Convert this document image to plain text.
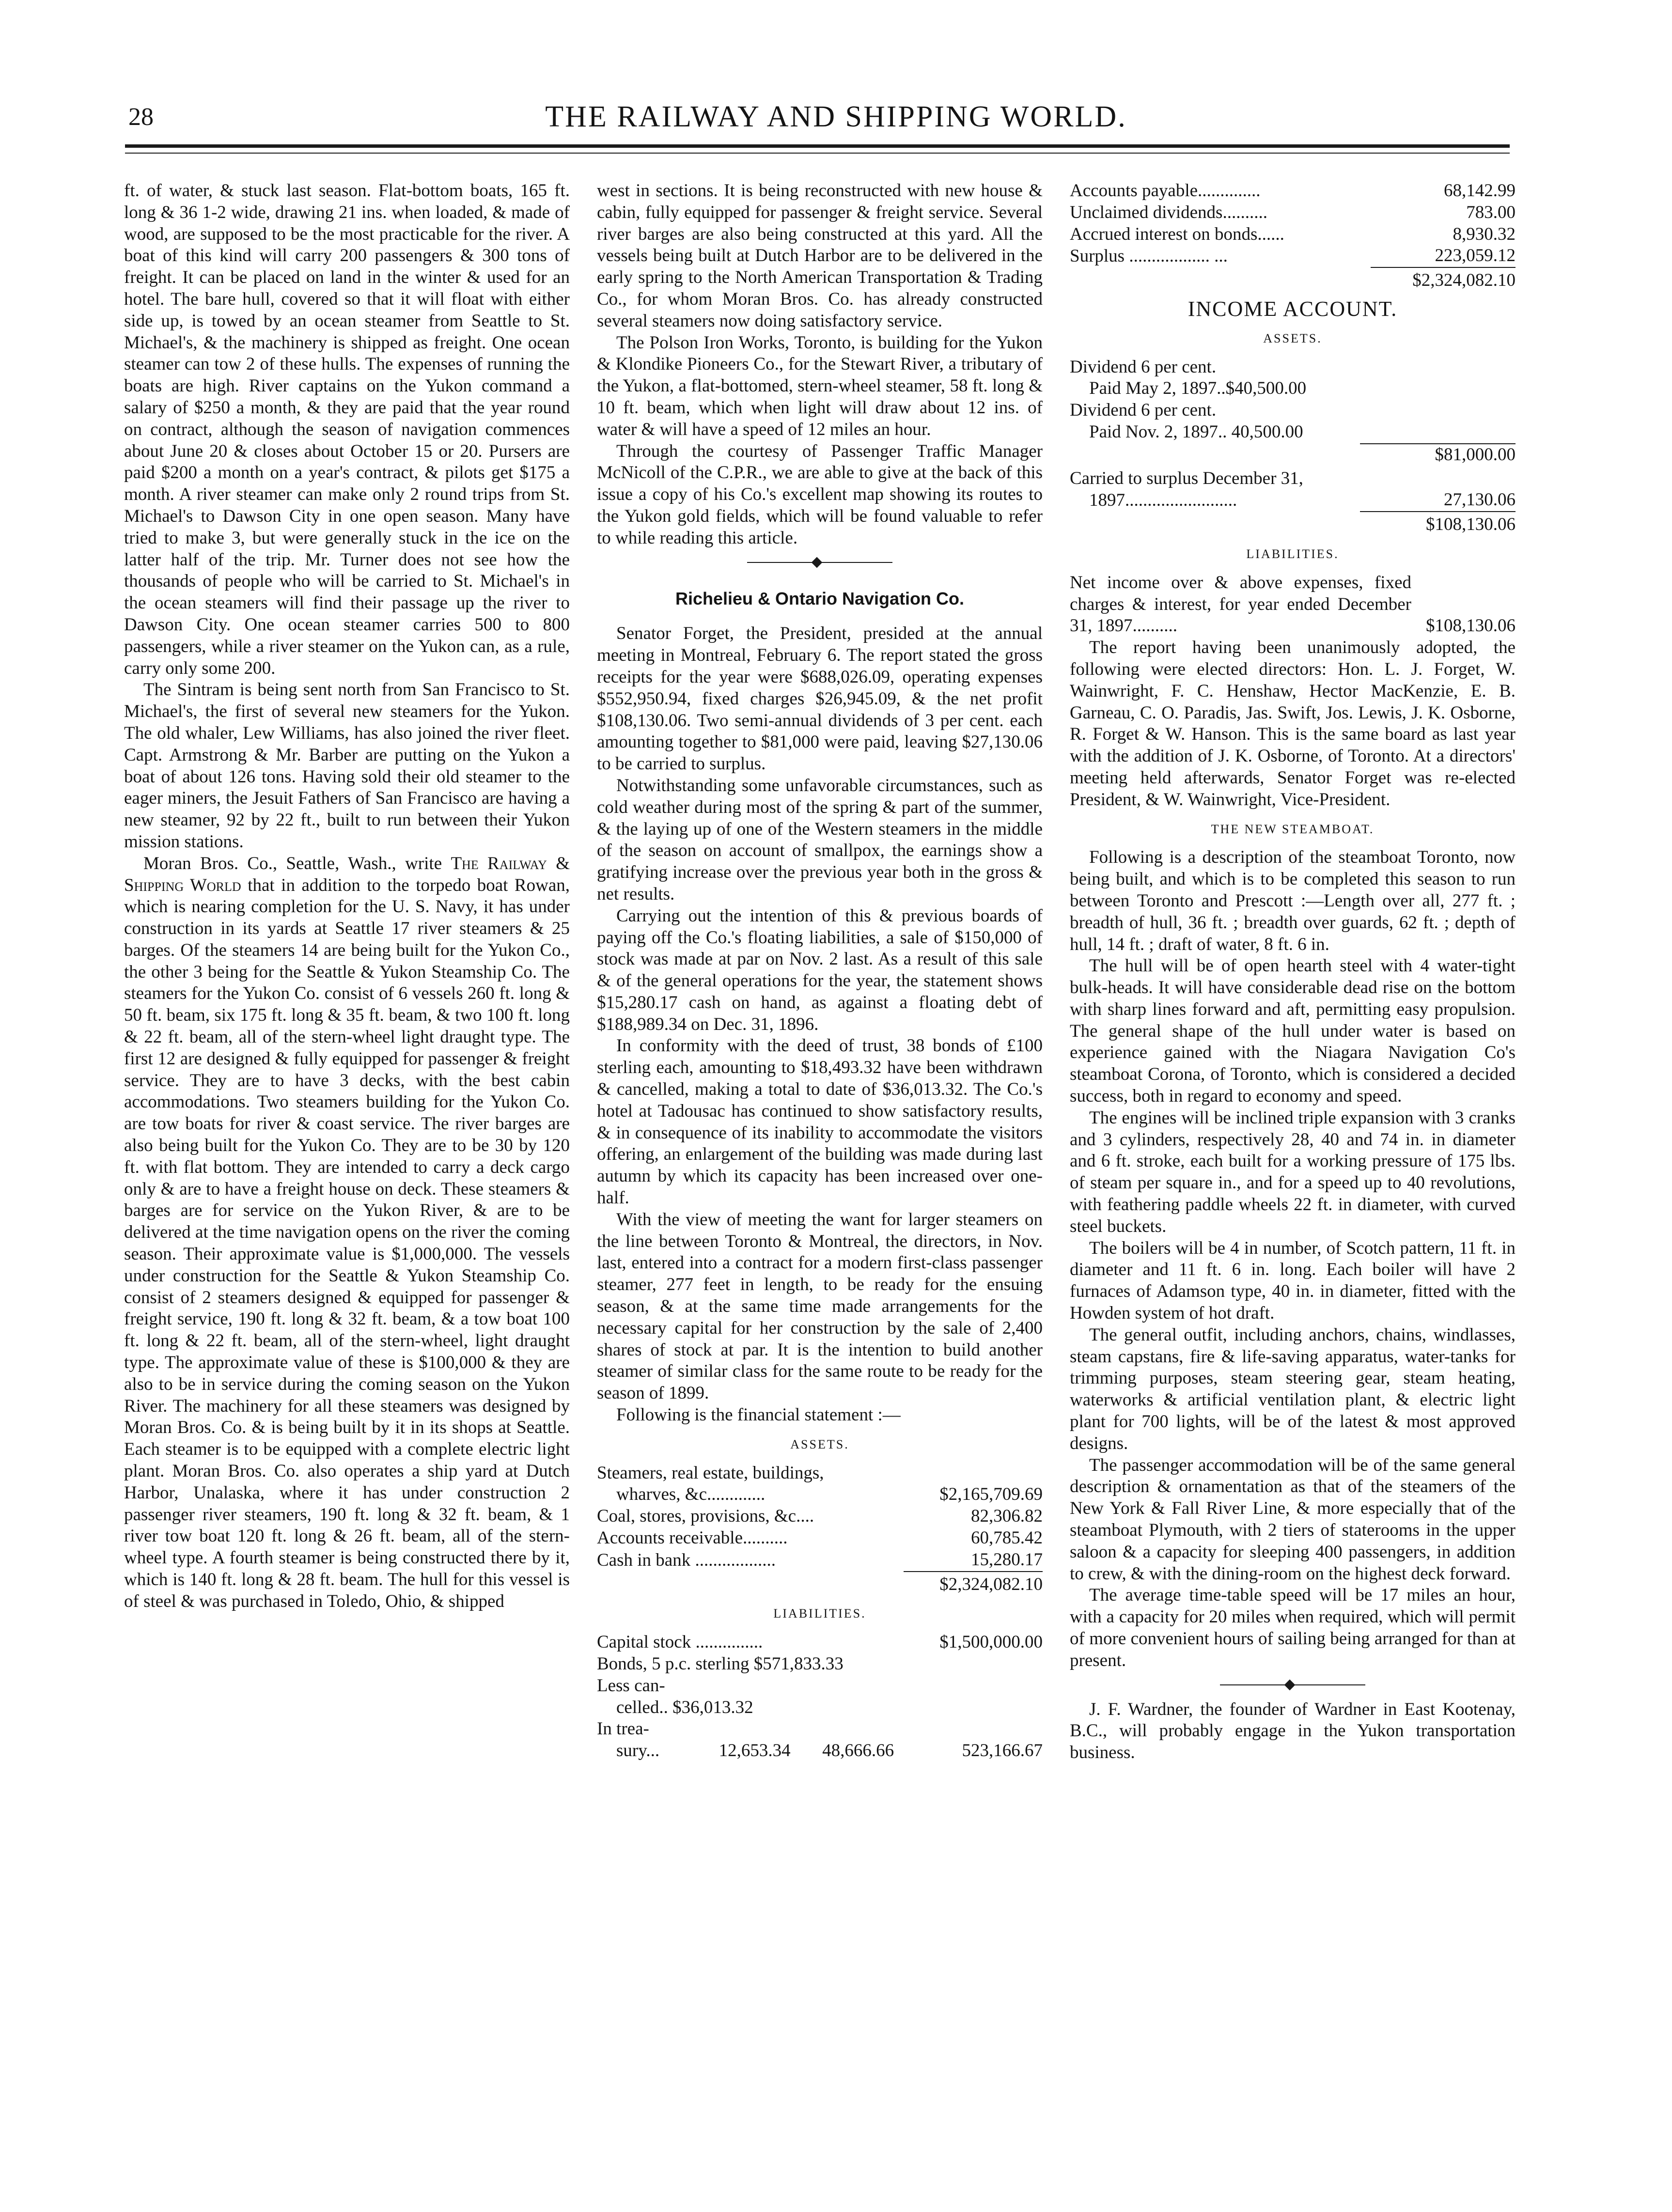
28	THE RAILWAY AND SHIPPING WORLD.

ft. of water, & stuck last season. Flat-bottom boats, 165 ft. long & 36 1-2 wide, drawing 21 ins. when loaded, & made of wood, are supposed to be the most practicable for the river. A boat of this kind will carry 200 passengers & 300 tons of freight. It can be placed on land in the winter & used for an hotel. The bare hull, covered so that it will float with either side up, is towed by an ocean steamer from Seattle to St. Michael's, & the machinery is shipped as freight. One ocean steamer can tow 2 of these hulls. The expenses of running the boats are high. River captains on the Yukon command a salary of $250 a month, & they are paid that the year round on contract, although the season of navigation commences about June 20 & closes about October 15 or 20. Pursers are paid $200 a month on a year's contract, & pilots get $175 a month. A river steamer can make only 2 round trips from St. Michael's to Dawson City in one open season. Many have tried to make 3, but were generally stuck in the ice on the latter half of the trip. Mr. Turner does not see how the thousands of people who will be carried to St. Michael's in the ocean steamers will find their passage up the river to Dawson City. One ocean steamer carries 500 to 800 passengers, while a river steamer on the Yukon can, as a rule, carry only some 200.

The Sintram is being sent north from San Francisco to St. Michael's, the first of several new steamers for the Yukon. The old whaler, Lew Williams, has also joined the river fleet. Capt. Armstrong & Mr. Barber are putting on the Yukon a boat of about 126 tons. Having sold their old steamer to the eager miners, the Jesuit Fathers of San Francisco are having a new steamer, 92 by 22 ft., built to run between their Yukon mission stations.

Moran Bros. Co., Seattle, Wash., write The Railway & Shipping World that in addition to the torpedo boat Rowan, which is nearing completion for the U. S. Navy, it has under construction in its yards at Seattle 17 river steamers & 25 barges. Of the steamers 14 are being built for the Yukon Co., the other 3 being for the Seattle & Yukon Steamship Co. The steamers for the Yukon Co. consist of 6 vessels 260 ft. long & 50 ft. beam, six 175 ft. long & 35 ft. beam, & two 100 ft. long & 22 ft. beam, all of the stern-wheel light draught type. The first 12 are designed & fully equipped for passenger & freight service. They are to have 3 decks, with the best cabin accommodations. Two steamers building for the Yukon Co. are tow boats for river & coast service. The river barges are also being built for the Yukon Co. They are to be 30 by 120 ft. with flat bottom. They are intended to carry a deck cargo only & are to have a freight house on deck. These steamers & barges are for service on the Yukon River, & are to be delivered at the time navigation opens on the river the coming season. Their approximate value is $1,000,000. The vessels under construction for the Seattle & Yukon Steamship Co. consist of 2 steamers designed & equipped for passenger & freight service, 190 ft. long & 32 ft. beam, & a tow boat 100 ft. long & 22 ft. beam, all of the stern-wheel, light draught type. The approximate value of these is $100,000 & they are also to be in service during the coming season on the Yukon River. The machinery for all these steamers was designed by Moran Bros. Co. & is being built by it in its shops at Seattle. Each steamer is to be equipped with a complete electric light plant. Moran Bros. Co. also operates a ship yard at Dutch Harbor, Unalaska, where it has under construction 2 passenger river steamers, 190 ft. long & 32 ft. beam, & 1 river tow boat 120 ft. long & 26 ft. beam, all of the stern-wheel type. A fourth steamer is being constructed there by it, which is 140 ft. long & 28 ft. beam. The hull for this vessel is of steel & was purchased in Toledo, Ohio, & shipped

west in sections. It is being reconstructed with new house & cabin, fully equipped for passenger & freight service. Several river barges are also being constructed at this yard. All the vessels being built at Dutch Harbor are to be delivered in the early spring to the North American Transportation & Trading Co., for whom Moran Bros. Co. has already constructed several steamers now doing satisfactory service.

The Polson Iron Works, Toronto, is building for the Yukon & Klondike Pioneers Co., for the Stewart River, a tributary of the Yukon, a flat-bottomed, stern-wheel steamer, 58 ft. long & 10 ft. beam, which when light will draw about 12 ins. of water & will have a speed of 12 miles an hour.

Through the courtesy of Passenger Traffic Manager McNicoll of the C.P.R., we are able to give at the back of this issue a copy of his Co.'s excellent map showing its routes to the Yukon gold fields, which will be found valuable to refer to while reading this article.

Richelieu & Ontario Navigation Co.

Senator Forget, the President, presided at the annual meeting in Montreal, February 6. The report stated the gross receipts for the year were $688,026.09, operating expenses $552,950.94, fixed charges $26,945.09, & the net profit $108,130.06. Two semi-annual dividends of 3 per cent. each amounting together to $81,000 were paid, leaving $27,130.06 to be carried to surplus.

Notwithstanding some unfavorable circumstances, such as cold weather during most of the spring & part of the summer, & the laying up of one of the Western steamers in the middle of the season on account of smallpox, the earnings show a gratifying increase over the previous year both in the gross & net results.

Carrying out the intention of this & previous boards of paying off the Co.'s floating liabilities, a sale of $150,000 of stock was made at par on Nov. 2 last. As a result of this sale & of the general operations for the year, the statement shows $15,280.17 cash on hand, as against a floating debt of $188,989.34 on Dec. 31, 1896.

In conformity with the deed of trust, 38 bonds of £100 sterling each, amounting to $18,493.32 have been withdrawn & cancelled, making a total to date of $36,013.32. The Co.'s hotel at Tadousac has continued to show satisfactory results, & in consequence of its inability to accommodate the visitors offering, an enlargement of the building was made during last autumn by which its capacity has been increased over one-half.

With the view of meeting the want for larger steamers on the line between Toronto & Montreal, the directors, in Nov. last, entered into a contract for a modern first-class passenger steamer, 277 feet in length, to be ready for the ensuing season, & at the same time made arrangements for the necessary capital for her construction by the sale of 2,400 shares of stock at par. It is the intention to build another steamer of similar class for the same route to be ready for the season of 1899.

Following is the financial statement :—

ASSETS.
Steamers, real estate, buildings,	
wharves, &c.............	$2,165,709.69
Coal, stores, provisions, &c....	82,306.82
Accounts receivable..........	60,785.42
Cash in bank ..................	15,280.17
	$2,324,082.10
LIABILITIES.
Capital stock ...............			$1,500,000.00
Bonds, 5 p.c. sterling $571,833.33			
Less can-			
celled.. $36,013.32			
In trea-			
sury...	12,653.34	48,666.66	523,166.67
Accounts payable..............	68,142.99
Unclaimed dividends..........	783.00
Accrued interest on bonds......	8,930.32
Surplus .................. ...	223,059.12
	$2,324,082.10
INCOME ACCOUNT.
ASSETS.
Dividend 6 per cent.	
Paid May 2, 1897..$40,500.00	
Dividend 6 per cent.	
Paid Nov. 2, 1897.. 40,500.00	
	$81,000.00
Carried to surplus December 31,	
1897.........................	27,130.06
	$108,130.06
LIABILITIES.
Net income over & above expenses, fixed charges & interest, for year ended December 31, 1897..........	$108,130.06

The report having been unanimously adopted, the following were elected directors: Hon. L. J. Forget, W. Wainwright, F. C. Henshaw, Hector MacKenzie, E. B. Garneau, C. O. Paradis, Jas. Swift, Jos. Lewis, J. K. Osborne, R. Forget & W. Hanson. This is the same board as last year with the addition of J. K. Osborne, of Toronto. At a directors' meeting held afterwards, Senator Forget was re-elected President, & W. Wainwright, Vice-President.

THE NEW STEAMBOAT.

Following is a description of the steamboat Toronto, now being built, and which is to be completed this season to run between Toronto and Prescott :—Length over all, 277 ft. ; breadth of hull, 36 ft. ; breadth over guards, 62 ft. ; depth of hull, 14 ft. ; draft of water, 8 ft. 6 in.

The hull will be of open hearth steel with 4 water-tight bulk-heads. It will have considerable dead rise on the bottom with sharp lines forward and aft, permitting easy propulsion. The general shape of the hull under water is based on experience gained with the Niagara Navigation Co's steamboat Corona, of Toronto, which is considered a decided success, both in regard to economy and speed.

The engines will be inclined triple expansion with 3 cranks and 3 cylinders, respectively 28, 40 and 74 in. in diameter and 6 ft. stroke, each built for a working pressure of 175 lbs. of steam per square in., and for a speed up to 40 revolutions, with feathering paddle wheels 22 ft. in diameter, with curved steel buckets.

The boilers will be 4 in number, of Scotch pattern, 11 ft. in diameter and 11 ft. 6 in. long. Each boiler will have 2 furnaces of Adamson type, 40 in. in diameter, fitted with the Howden system of hot draft.

The general outfit, including anchors, chains, windlasses, steam capstans, fire & life-saving apparatus, water-tanks for trimming purposes, steam steering gear, steam heating, waterworks & artificial ventilation plant, & electric light plant for 700 lights, will be of the latest & most approved designs.

The passenger accommodation will be of the same general description & ornamentation as that of the steamers of the New York & Fall River Line, & more especially that of the steamboat Plymouth, with 2 tiers of staterooms in the upper saloon & a capacity for sleeping 400 passengers, in addition to crew, & with the dining-room on the highest deck forward.

The average time-table speed will be 17 miles an hour, with a capacity for 20 miles when required, which will permit of more convenient hours of sailing being arranged for than at present.

J. F. Wardner, the founder of Wardner in East Kootenay, B.C., will probably engage in the Yukon transportation business.
